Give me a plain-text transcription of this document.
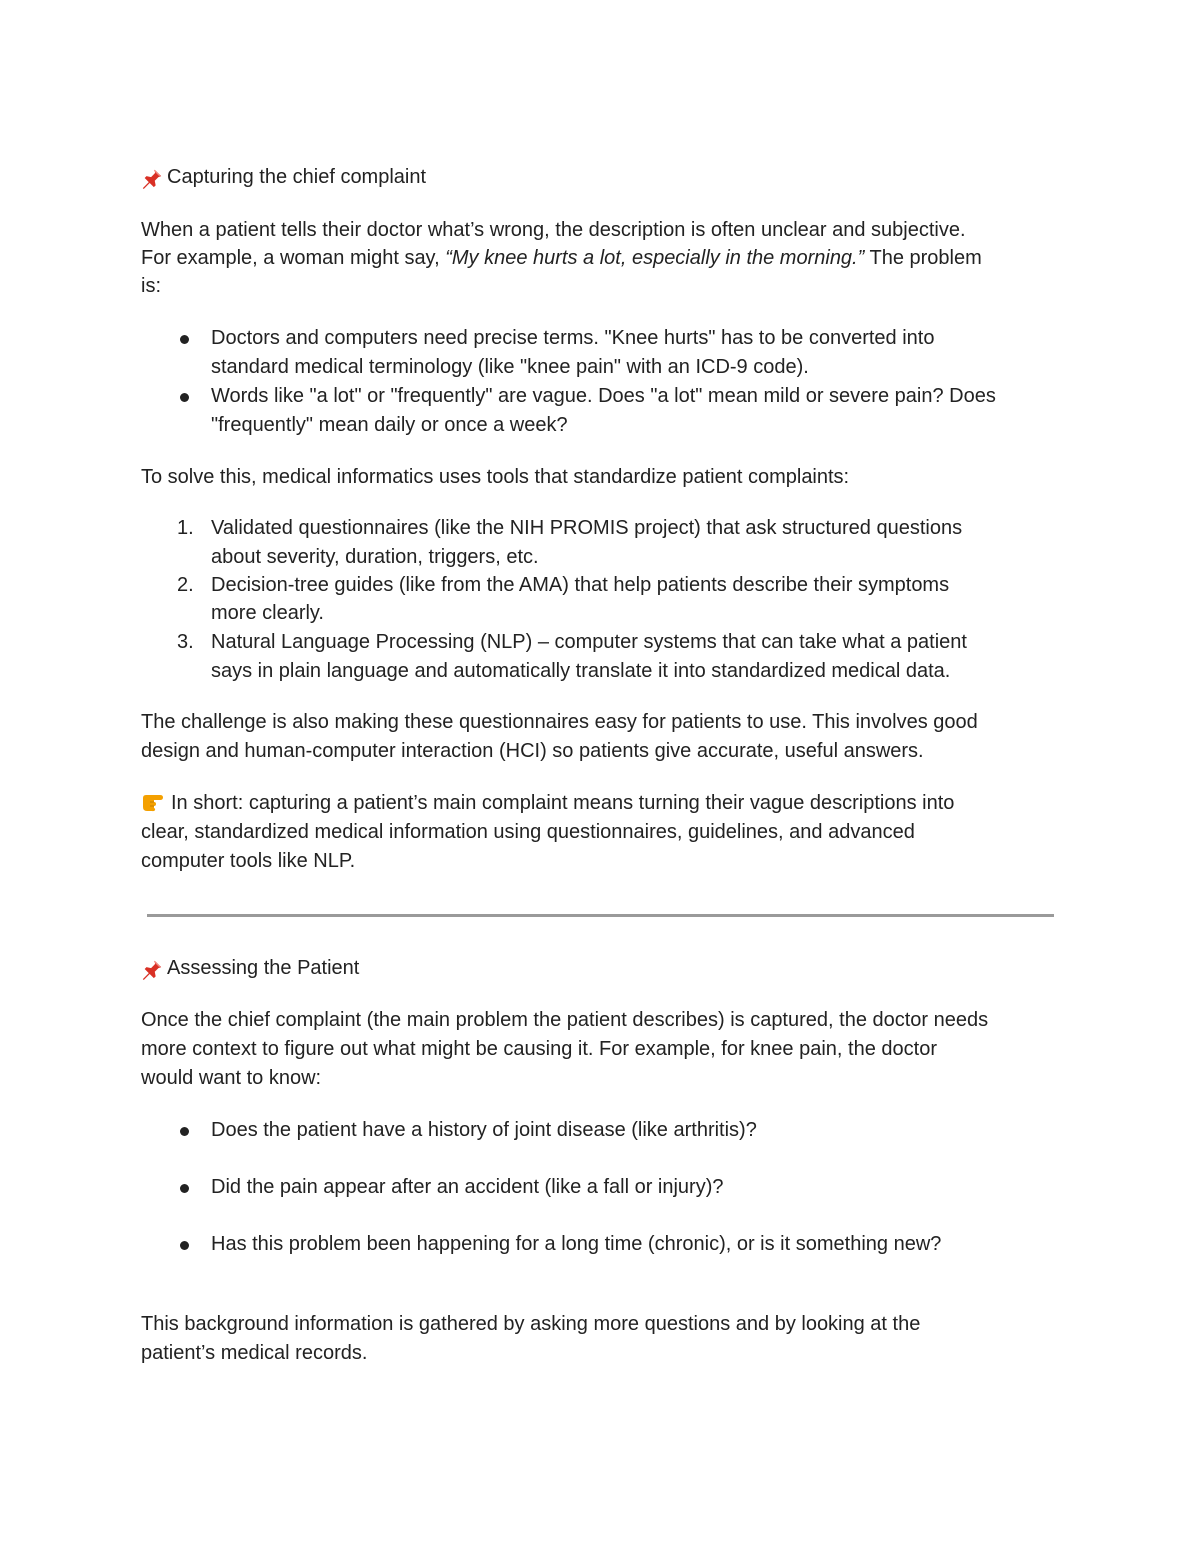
Capturing the chief complaint
When a patient tells their doctor what’s wrong, the description is often unclear and subjective.
For example, a woman might say, “My knee hurts a lot, especially in the morning.” The problem
is:
Doctors and computers need precise terms. "Knee hurts" has to be converted into
standard medical terminology (like "knee pain" with an ICD-9 code).
Words like "a lot" or "frequently" are vague. Does "a lot" mean mild or severe pain? Does
"frequently" mean daily or once a week?
To solve this, medical informatics uses tools that standardize patient complaints:
1. Validated questionnaires (like the NIH PROMIS project) that ask structured questions
about severity, duration, triggers, etc.
2. Decision-tree guides (like from the AMA) that help patients describe their symptoms
more clearly.
3. Natural Language Processing (NLP) – computer systems that can take what a patient
says in plain language and automatically translate it into standardized medical data.
The challenge is also making these questionnaires easy for patients to use. This involves good
design and human-computer interaction (HCI) so patients give accurate, useful answers.
In short: capturing a patient’s main complaint means turning their vague descriptions into
clear, standardized medical information using questionnaires, guidelines, and advanced
computer tools like NLP.
Assessing the Patient
Once the chief complaint (the main problem the patient describes) is captured, the doctor needs
more context to figure out what might be causing it. For example, for knee pain, the doctor
would want to know:
Does the patient have a history of joint disease (like arthritis)?
Did the pain appear after an accident (like a fall or injury)?
Has this problem been happening for a long time (chronic), or is it something new?
This background information is gathered by asking more questions and by looking at the
patient’s medical records.
